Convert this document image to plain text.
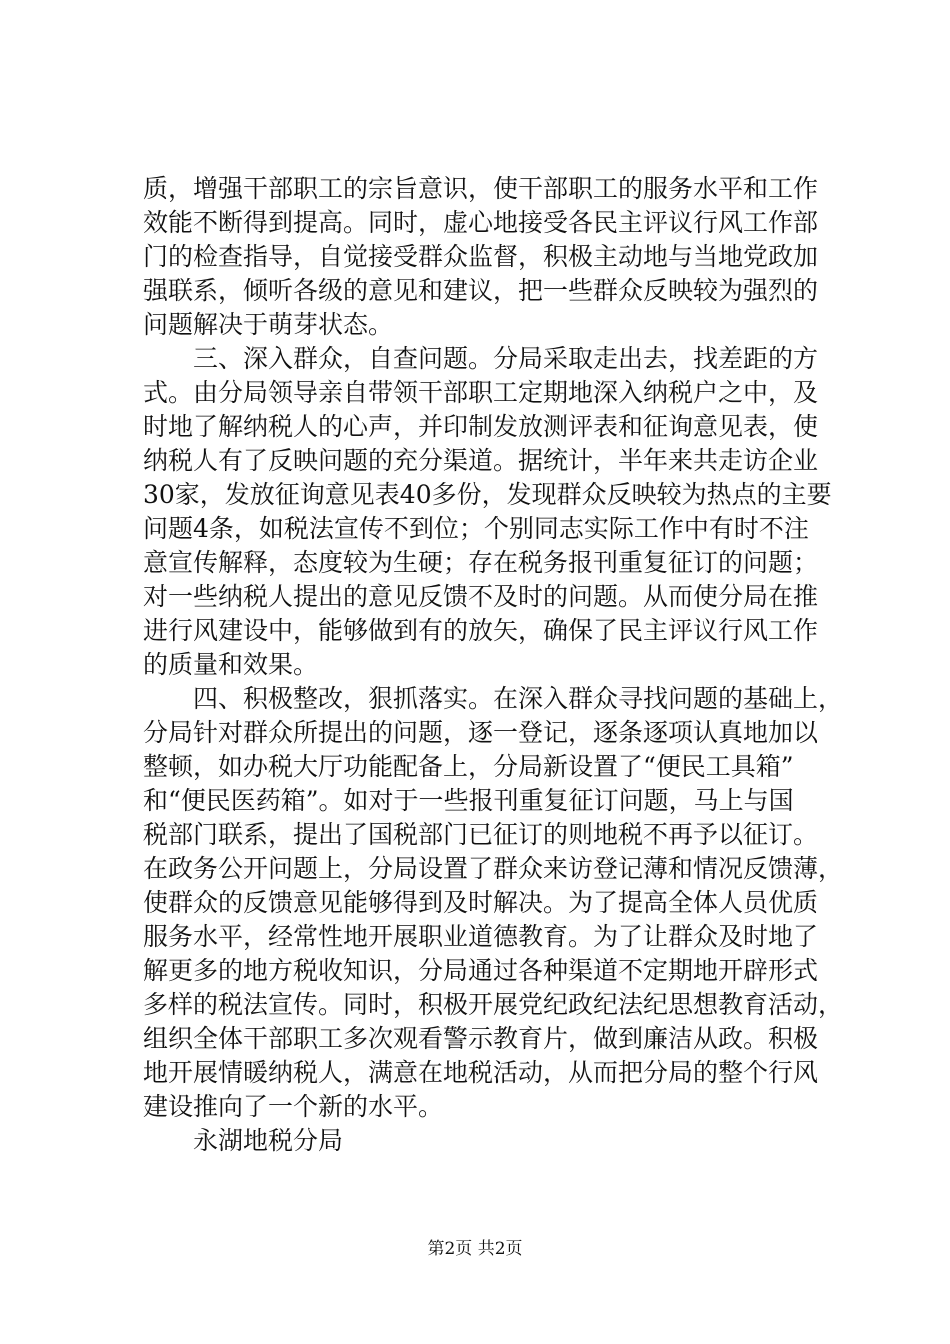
质，增强干部职工的宗旨意识，使干部职工的服务水平和工作
效能不断得到提高。同时，虚心地接受各民主评议行风工作部
门的检查指导，自觉接受群众监督，积极主动地与当地党政加
强联系，倾听各级的意见和建议，把一些群众反映较为强烈的
问题解决于萌芽状态。
　　三、深入群众，自查问题。分局采取走出去，找差距的方
式。由分局领导亲自带领干部职工定期地深入纳税户之中，及
时地了解纳税人的心声，并印制发放测评表和征询意见表，使
纳税人有了反映问题的充分渠道。据统计，半年来共走访企业
30家，发放征询意见表40多份，发现群众反映较为热点的主要
问题4条，如税法宣传不到位；个别同志实际工作中有时不注
意宣传解释，态度较为生硬；存在税务报刊重复征订的问题；
对一些纳税人提出的意见反馈不及时的问题。从而使分局在推
进行风建设中，能够做到有的放矢，确保了民主评议行风工作
的质量和效果。
　　四、积极整改，狠抓落实。在深入群众寻找问题的基础上，
分局针对群众所提出的问题，逐一登记，逐条逐项认真地加以
整顿，如办税大厅功能配备上，分局新设置了“便民工具箱”
和“便民医药箱”。如对于一些报刊重复征订问题，马上与国
税部门联系，提出了国税部门已征订的则地税不再予以征订。
在政务公开问题上，分局设置了群众来访登记薄和情况反馈薄，
使群众的反馈意见能够得到及时解决。为了提高全体人员优质
服务水平，经常性地开展职业道德教育。为了让群众及时地了
解更多的地方税收知识，分局通过各种渠道不定期地开辟形式
多样的税法宣传。同时，积极开展党纪政纪法纪思想教育活动，
组织全体干部职工多次观看警示教育片，做到廉洁从政。积极
地开展情暖纳税人，满意在地税活动，从而把分局的整个行风
建设推向了一个新的水平。
　　永湖地税分局
第2页 共2页
